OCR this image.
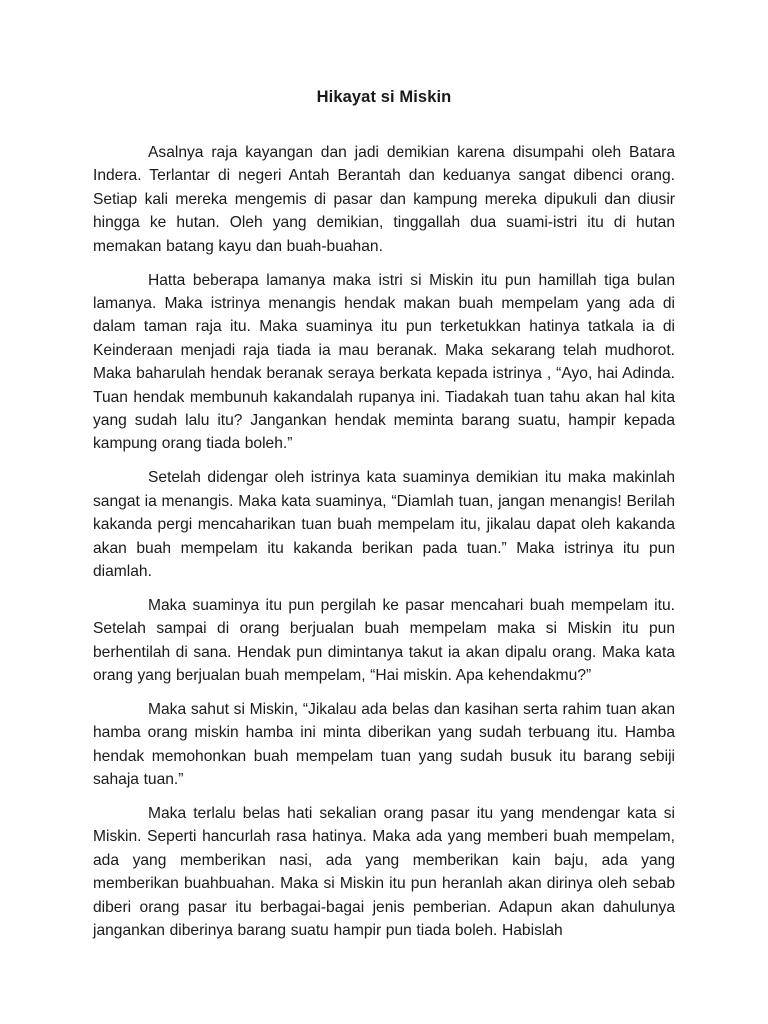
Hikayat si Miskin

Asalnya raja kayangan dan jadi demikian karena disumpahi oleh Batara Indera. Terlantar di negeri Antah Berantah dan keduanya sangat dibenci orang. Setiap kali mereka mengemis di pasar dan kampung mereka dipukuli dan diusir hingga ke hutan. Oleh yang demikian, tinggallah dua suami-istri itu di hutan memakan batang kayu dan buah-buahan.

Hatta beberapa lamanya maka istri si Miskin itu pun hamillah tiga bulan lamanya. Maka istrinya menangis hendak makan buah mempelam yang ada di dalam taman raja itu. Maka suaminya itu pun terketukkan hatinya tatkala ia di Keinderaan menjadi raja tiada ia mau beranak. Maka sekarang telah mudhorot. Maka baharulah hendak beranak seraya berkata kepada istrinya , “Ayo, hai Adinda. Tuan hendak membunuh kakandalah rupanya ini. Tiadakah tuan tahu akan hal kita yang sudah lalu itu? Jangankan hendak meminta barang suatu, hampir kepada kampung orang tiada boleh.”

Setelah didengar oleh istrinya kata suaminya demikian itu maka makinlah sangat ia menangis. Maka kata suaminya, “Diamlah tuan, jangan menangis! Berilah kakanda pergi mencaharikan tuan buah mempelam itu, jikalau dapat oleh kakanda akan buah mempelam itu kakanda berikan pada tuan.” Maka istrinya itu pun diamlah.

Maka suaminya itu pun pergilah ke pasar mencahari buah mempelam itu. Setelah sampai di orang berjualan buah mempelam maka si Miskin itu pun berhentilah di sana. Hendak pun dimintanya takut ia akan dipalu orang. Maka kata orang yang berjualan buah mempelam, “Hai miskin. Apa kehendakmu?”

Maka sahut si Miskin, “Jikalau ada belas dan kasihan serta rahim tuan akan hamba orang miskin hamba ini minta diberikan yang sudah terbuang itu. Hamba hendak memohonkan buah mempelam tuan yang sudah busuk itu barang sebiji sahaja tuan.”

Maka terlalu belas hati sekalian orang pasar itu yang mendengar kata si Miskin. Seperti hancurlah rasa hatinya. Maka ada yang memberi buah mempelam, ada yang memberikan nasi, ada yang memberikan kain baju, ada yang memberikan buahbuahan. Maka si Miskin itu pun heranlah akan dirinya oleh sebab diberi orang pasar itu berbagai-bagai jenis pemberian. Adapun akan dahulunya jangankan diberinya barang suatu hampir pun tiada boleh. Habislah
